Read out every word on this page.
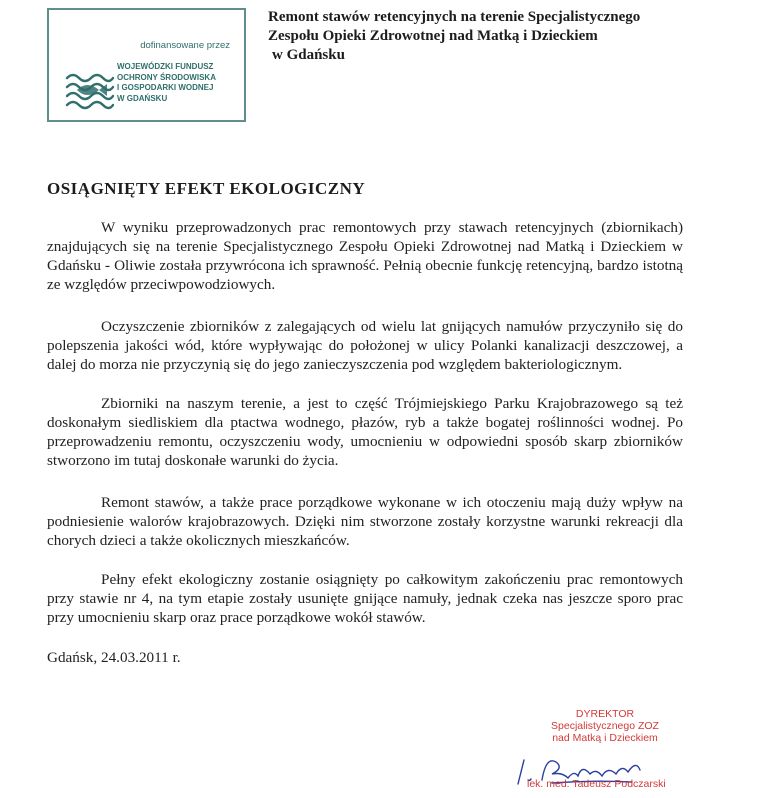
dofinansowane przez
WOJEWÓDZKI FUNDUSZ
OCHRONY ŚRODOWISKA
I GOSPODARKI WODNEJ
W GDAŃSKU
Remont stawów retencyjnych na terenie Specjalistycznego
Zespołu Opieki Zdrowotnej nad Matką i Dzieckiem
w Gdańsku
OSIĄGNIĘTY EFEKT EKOLOGICZNY

W wyniku przeprowadzonych prac remontowych przy stawach retencyjnych (zbiornikach) znajdujących się na terenie Specjalistycznego Zespołu Opieki Zdrowotnej nad Matką i Dzieckiem w Gdańsku - Oliwie została przywrócona ich sprawność. Pełnią obecnie funkcję retencyjną, bardzo istotną ze względów przeciwpowodziowych.

Oczyszczenie zbiorników z zalegających od wielu lat gnijących namułów przyczyniło się do polepszenia jakości wód, które wypływając do położonej w ulicy Polanki kanalizacji deszczowej, a dalej do morza nie przyczynią się do jego zanieczyszczenia pod względem bakteriologicznym.

Zbiorniki na naszym terenie, a jest to część Trójmiejskiego Parku Krajobrazowego są też doskonałym siedliskiem dla ptactwa wodnego, płazów, ryb a także bogatej roślinności wodnej. Po przeprowadzeniu remontu, oczyszczeniu wody, umocnieniu w odpowiedni sposób skarp zbiorników stworzono im tutaj doskonałe warunki do życia.

Remont stawów, a także prace porządkowe wykonane w ich otoczeniu mają duży wpływ na podniesienie walorów krajobrazowych. Dzięki nim stworzone zostały korzystne warunki rekreacji dla chorych dzieci a także okolicznych mieszkańców.

Pełny efekt ekologiczny zostanie osiągnięty po całkowitym zakończeniu prac remontowych przy stawie nr 4, na tym etapie zostały usunięte gnijące namuły, jednak czeka nas jeszcze sporo prac przy umocnieniu skarp oraz prace porządkowe wokół stawów.

Gdańsk, 24.03.2011 r.
DYREKTOR
Specjalistycznego ZOZ
nad Matką i Dzieckiem
lek. med. Tadeusz Podczarski
